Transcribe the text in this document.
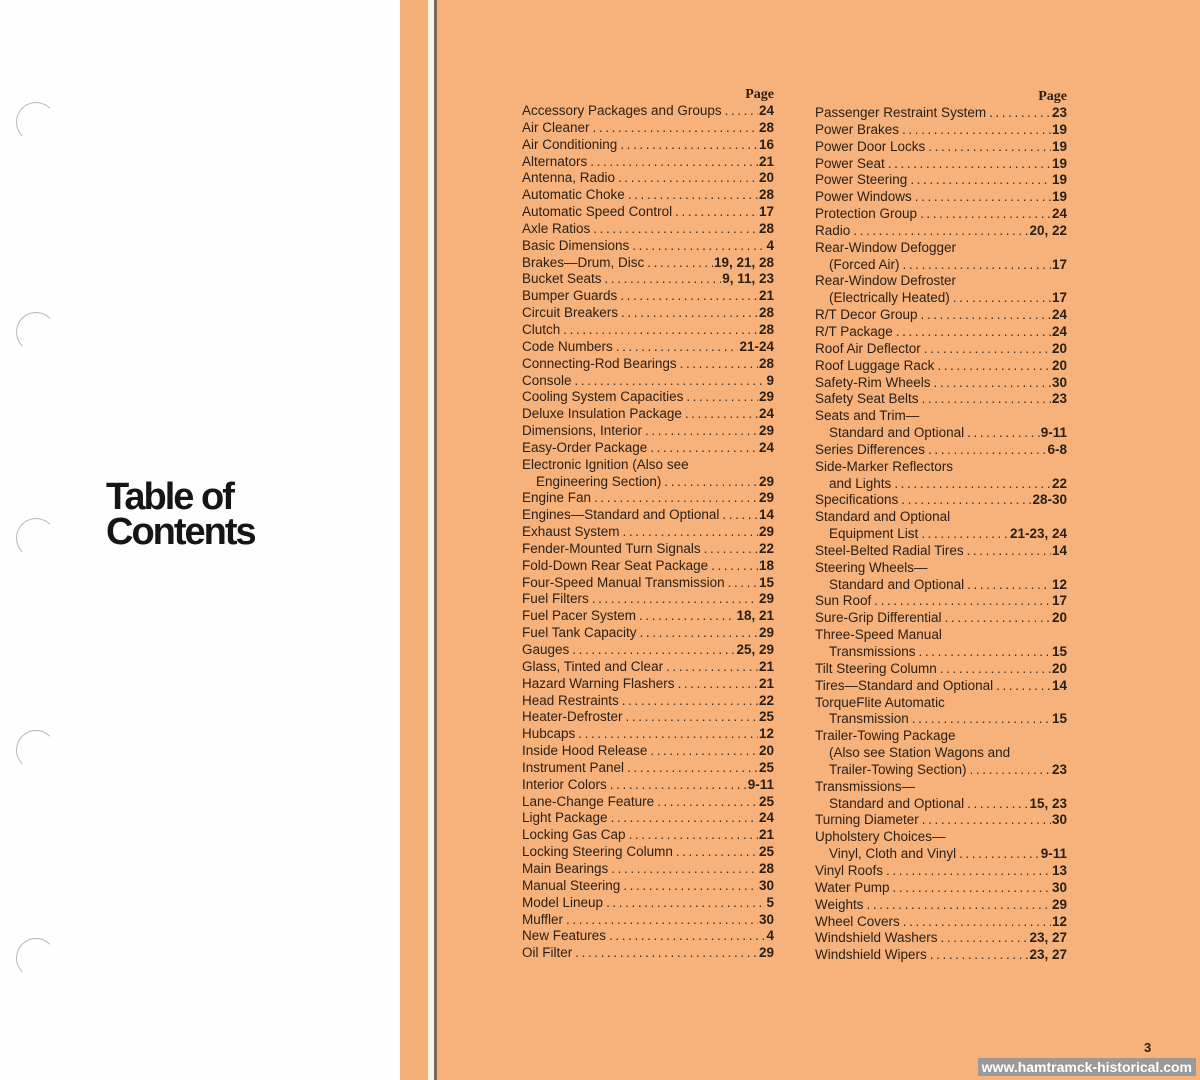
Table of
Contents
Page
Accessory Packages and Groups .....	24
Air Cleaner .....	28
Air Conditioning .....	16
Alternators .....	21
Antenna, Radio .....	20
Automatic Choke .....	28
Automatic Speed Control .....	17
Axle Ratios .....	28
Basic Dimensions .....	4
Brakes—Drum, Disc .....	19, 21, 28
Bucket Seats .....	9, 11, 23
Bumper Guards .....	21
Circuit Breakers .....	28
Clutch .....	28
Code Numbers .....	21-24
Connecting-Rod Bearings .....	28
Console .....	9
Cooling System Capacities .....	29
Deluxe Insulation Package .....	24
Dimensions, Interior .....	29
Easy-Order Package .....	24
Electronic Ignition (Also see
Engineering Section) .....	29
Engine Fan .....	29
Engines—Standard and Optional .....	14
Exhaust System .....	29
Fender-Mounted Turn Signals .....	22
Fold-Down Rear Seat Package .....	18
Four-Speed Manual Transmission .....	15
Fuel Filters .....	29
Fuel Pacer System .....	18, 21
Fuel Tank Capacity .....	29
Gauges .....	25, 29
Glass, Tinted and Clear .....	21
Hazard Warning Flashers .....	21
Head Restraints .....	22
Heater-Defroster .....	25
Hubcaps .....	12
Inside Hood Release .....	20
Instrument Panel .....	25
Interior Colors .....	9-11
Lane-Change Feature .....	25
Light Package .....	24
Locking Gas Cap .....	21
Locking Steering Column .....	25
Main Bearings .....	28
Manual Steering .....	30
Model Lineup .....	5
Muffler .....	30
New Features .....	4
Oil Filter .....	29
Page
Passenger Restraint System .....	23
Power Brakes .....	19
Power Door Locks .....	19
Power Seat .....	19
Power Steering .....	19
Power Windows .....	19
Protection Group .....	24
Radio .....	20, 22
Rear-Window Defogger
(Forced Air) .....	17
Rear-Window Defroster
(Electrically Heated) .....	17
R/T Decor Group .....	24
R/T Package .....	24
Roof Air Deflector .....	20
Roof Luggage Rack .....	20
Safety-Rim Wheels .....	30
Safety Seat Belts .....	23
Seats and Trim—
Standard and Optional .....	9-11
Series Differences .....	6-8
Side-Marker Reflectors
and Lights .....	22
Specifications .....	28-30
Standard and Optional
Equipment List .....	21-23, 24
Steel-Belted Radial Tires .....	14
Steering Wheels—
Standard and Optional .....	12
Sun Roof .....	17
Sure-Grip Differential .....	20
Three-Speed Manual
Transmissions .....	15
Tilt Steering Column .....	20
Tires—Standard and Optional .....	14
TorqueFlite Automatic
Transmission .....	15
Trailer-Towing Package
(Also see Station Wagons and
Trailer-Towing Section) .....	23
Transmissions—
Standard and Optional .....	15, 23
Turning Diameter .....	30
Upholstery Choices—
Vinyl, Cloth and Vinyl .....	9-11
Vinyl Roofs .....	13
Water Pump .....	30
Weights .....	29
Wheel Covers .....	12
Windshield Washers .....	23, 27
Windshield Wipers .....	23, 27
3
www.hamtramck-historical.com
